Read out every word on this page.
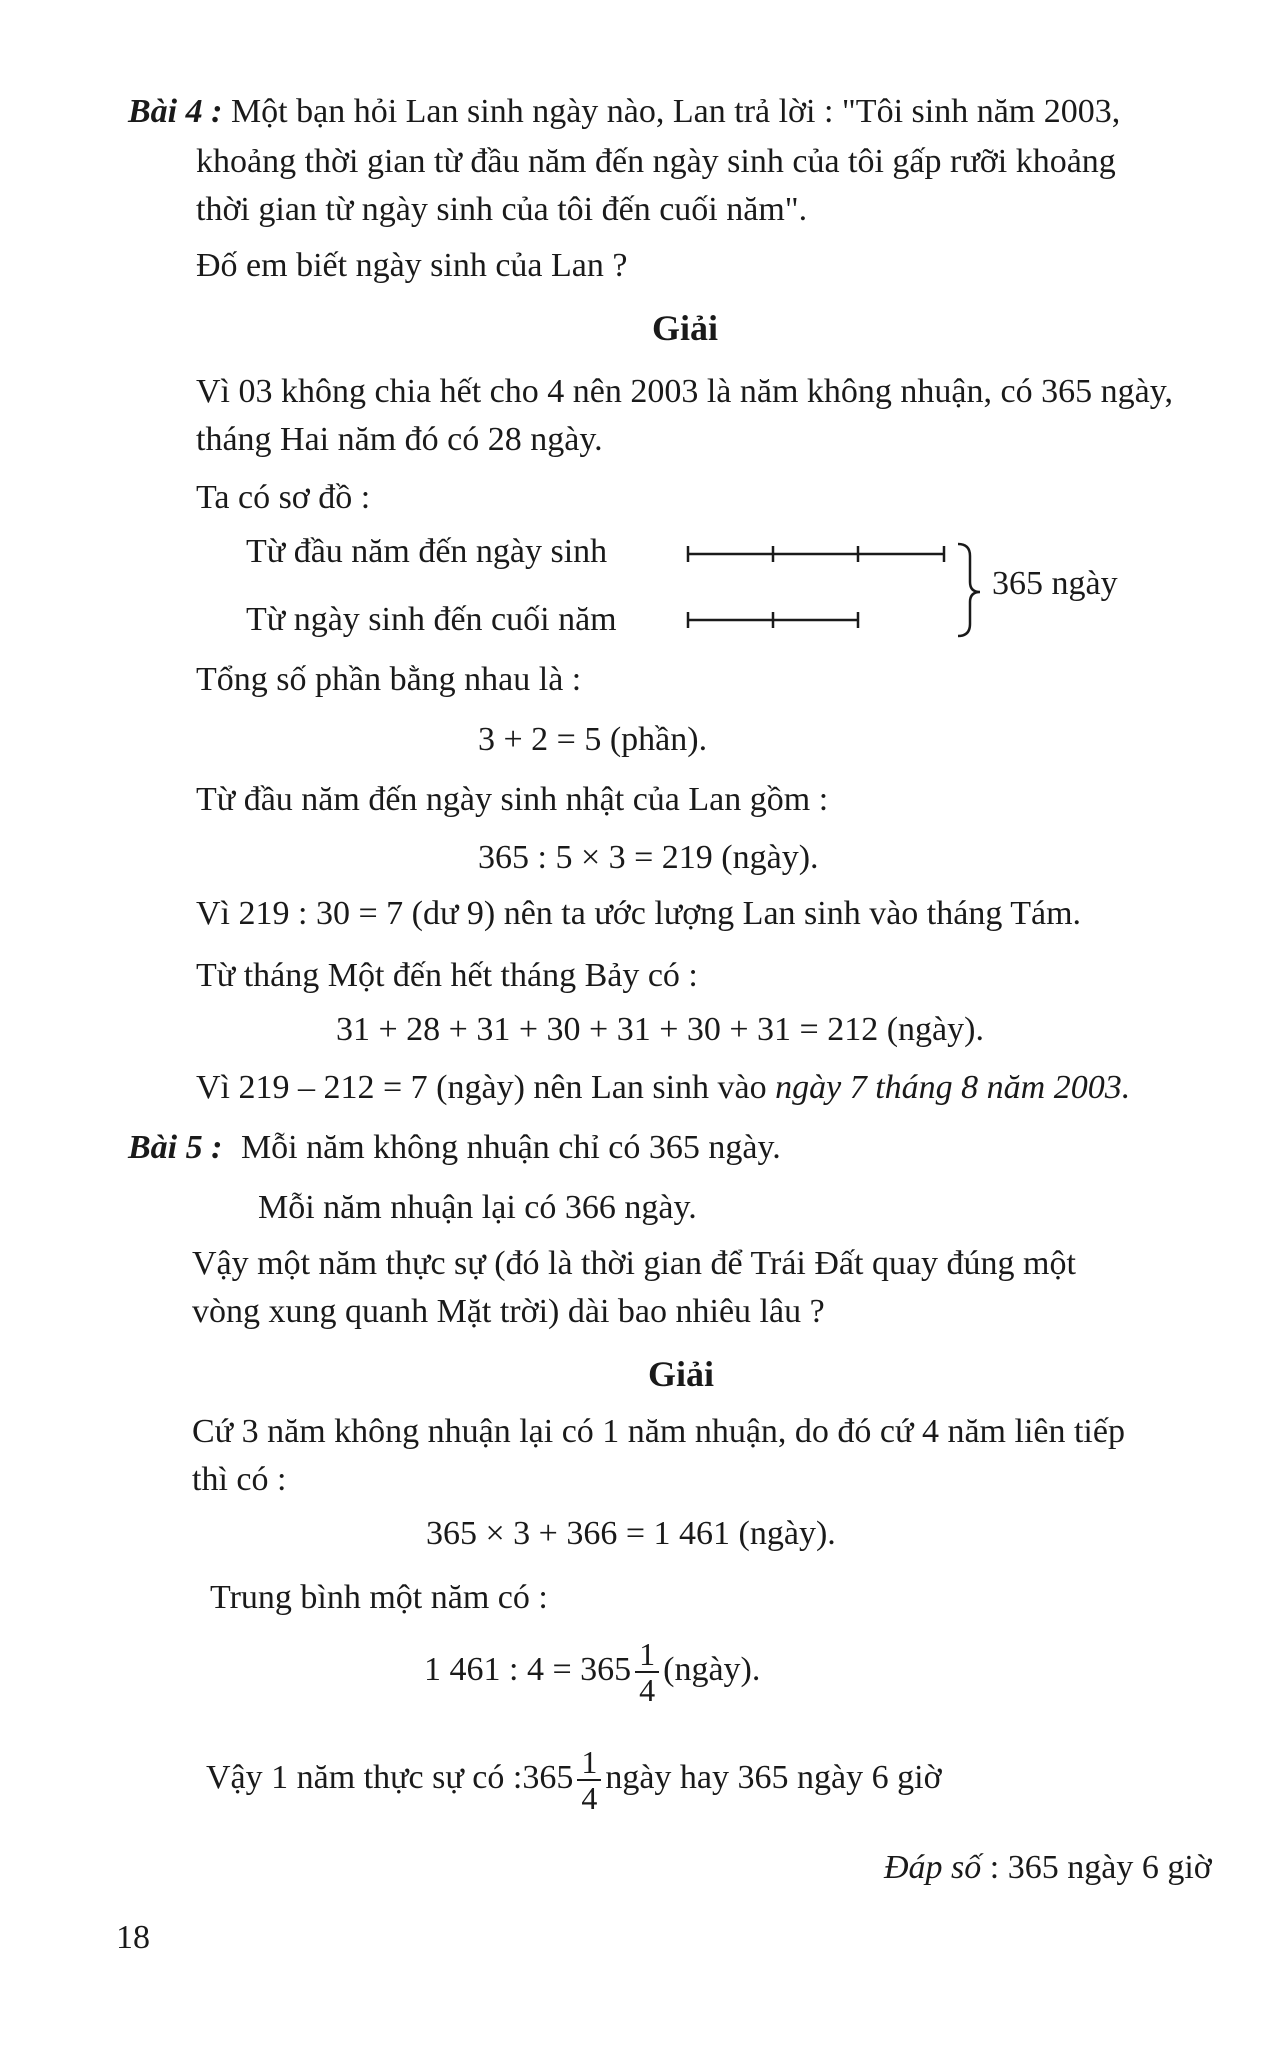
Bài 4 : Một bạn hỏi Lan sinh ngày nào, Lan trả lời : "Tôi sinh năm 2003,
khoảng thời gian từ đầu năm đến ngày sinh của tôi gấp rưỡi khoảng
thời gian từ ngày sinh của tôi đến cuối năm".
Đố em biết ngày sinh của Lan ?
Giải
Vì 03 không chia hết cho 4 nên 2003 là năm không nhuận, có 365 ngày,
tháng Hai năm đó có 28 ngày.
Ta có sơ đồ :
Từ đầu năm đến ngày sinh
Từ ngày sinh đến cuối năm
365 ngày
Tổng số phần bằng nhau là :
3 + 2 = 5 (phần).
Từ đầu năm đến ngày sinh nhật của Lan gồm :
365 : 5 × 3 = 219 (ngày).
Vì 219 : 30 = 7 (dư 9) nên ta ước lượng Lan sinh vào tháng Tám.
Từ tháng Một đến hết tháng Bảy có :
31 + 28 + 31 + 30 + 31 + 30 + 31 = 212 (ngày).
Vì 219 – 212 = 7 (ngày) nên Lan sinh vào ngày 7 tháng 8 năm 2003.
Bài 5 : Mỗi năm không nhuận chỉ có 365 ngày.
Mỗi năm nhuận lại có 366 ngày.
Vậy một năm thực sự (đó là thời gian để Trái Đất quay đúng một
vòng xung quanh Mặt trời) dài bao nhiêu lâu ?
Giải
Cứ 3 năm không nhuận lại có 1 năm nhuận, do đó cứ 4 năm liên tiếp
thì có :
365 × 3 + 366 = 1 461 (ngày).
Trung bình một năm có :
1 461 : $4 = 365 \frac{1}{4}$ (ngày).
Vậy 1 năm thực sự có :365 $\frac{1}{4}$ ngày hay 365 ngày 6 giờ
Đáp số : 365 ngày 6 giờ
18
